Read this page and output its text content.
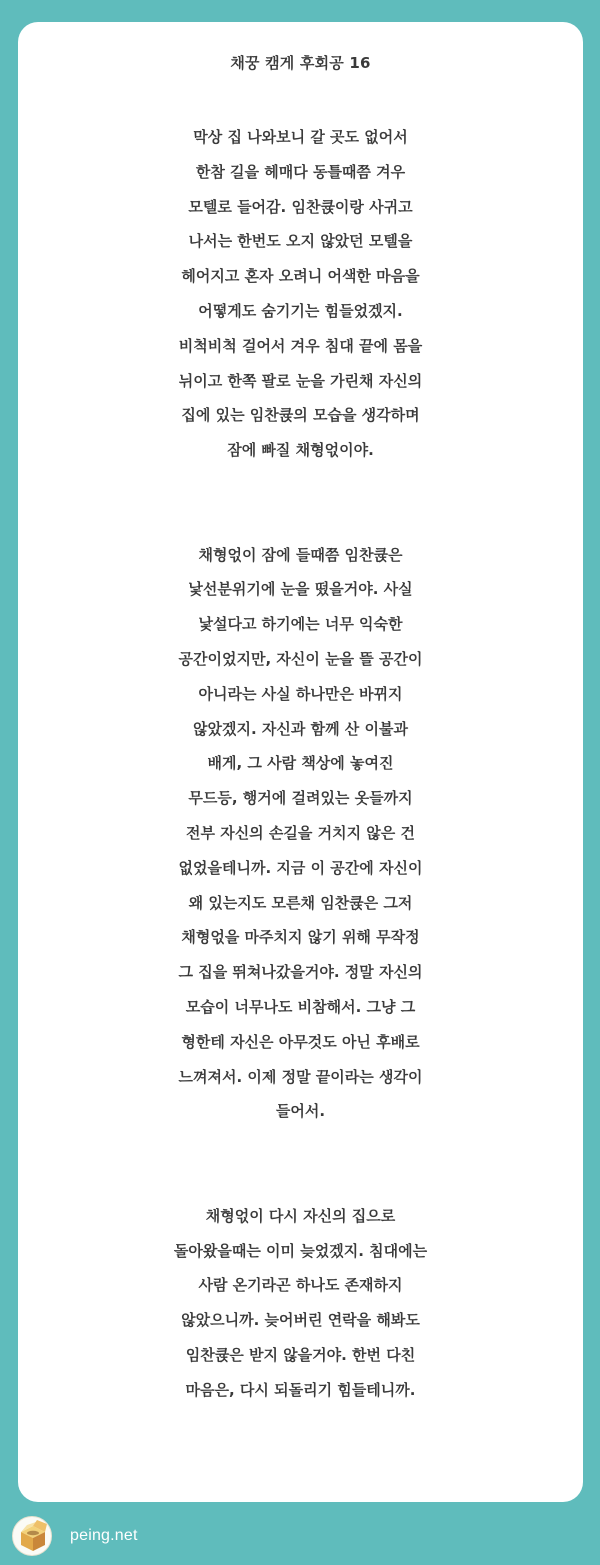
채꿍 캠게 후회공 16
막상 집 나와보니 갈 곳도 없어서
한참 길을 헤매다 동틀때쯤 겨우
모텔로 들어감. 임찬큕이랑 사귀고
나서는 한번도 오지 않았던 모텔을
헤어지고 혼자 오려니 어색한 마음을
어떻게도 숨기기는 힘들었겠지.
비척비척 걸어서 겨우 침대 끝에 몸을
뉘이고 한쪽 팔로 눈을 가린채 자신의
집에 있는 임찬큕의 모습을 생각하며
잠에 빠질 채형얷이야.
채형얷이 잠에 들때쯤 임찬큕은
낯선분위기에 눈을 떴을거야. 사실
낯설다고 하기에는 너무 익숙한
공간이었지만, 자신이 눈을 뜰 공간이
아니라는 사실 하나만은 바뀌지
않았겠지. 자신과 함께 산 이불과
배게, 그 사람 책상에 놓여진
무드등, 행거에 걸려있는 옷들까지
전부 자신의 손길을 거치지 않은 건
없었을테니까. 지금 이 공간에 자신이
왜 있는지도 모른채 임찬큕은 그저
채형얷을 마주치지 않기 위해 무작정
그 집을 뛰쳐나갔을거야. 정말 자신의
모습이 너무나도 비참해서. 그냥 그
형한테 자신은 아무것도 아닌 후배로
느껴져서. 이제 정말 끝이라는 생각이
들어서.
채형얷이 다시 자신의 집으로
돌아왔을때는 이미 늦었겠지. 침대에는
사람 온기라곤 하나도 존재하지
않았으니까. 늦어버린 연락을 해봐도
임찬큕은 받지 않을거야. 한번 다친
마음은, 다시 되돌리기 힘들테니까.
peing.net
